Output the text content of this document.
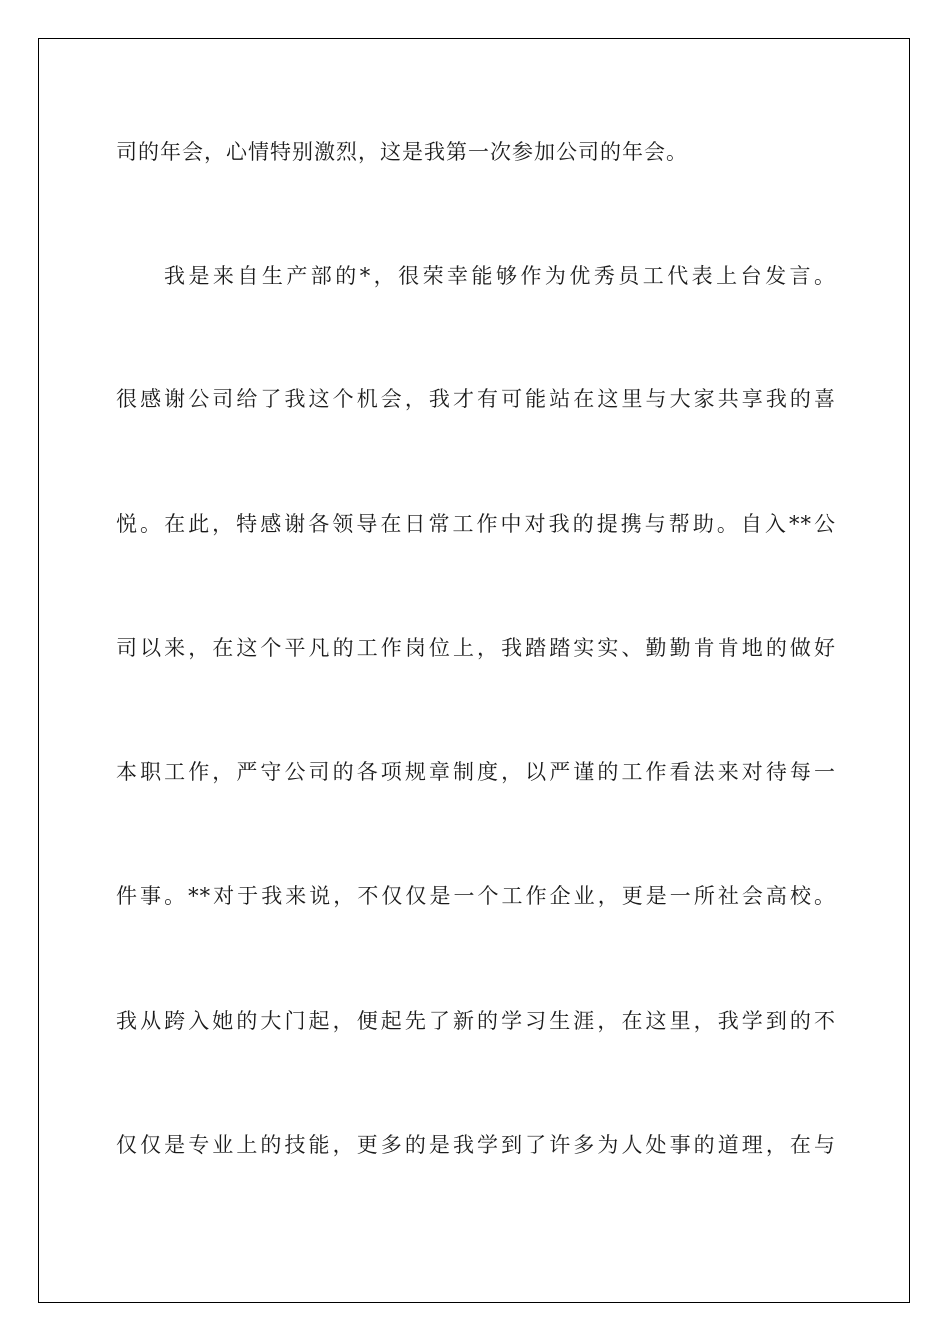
司的年会，心情特别激烈，这是我第一次参加公司的年会。
我是来自生产部的*，很荣幸能够作为优秀员工代表上台发言。
很感谢公司给了我这个机会，我才有可能站在这里与大家共享我的喜
悦。在此，特感谢各领导在日常工作中对我的提携与帮助。自入**公
司以来，在这个平凡的工作岗位上，我踏踏实实、勤勤肯肯地的做好
本职工作，严守公司的各项规章制度，以严谨的工作看法来对待每一
件事。**对于我来说，不仅仅是一个工作企业，更是一所社会高校。
我从跨入她的大门起，便起先了新的学习生涯，在这里，我学到的不
仅仅是专业上的技能，更多的是我学到了许多为人处事的道理，在与
